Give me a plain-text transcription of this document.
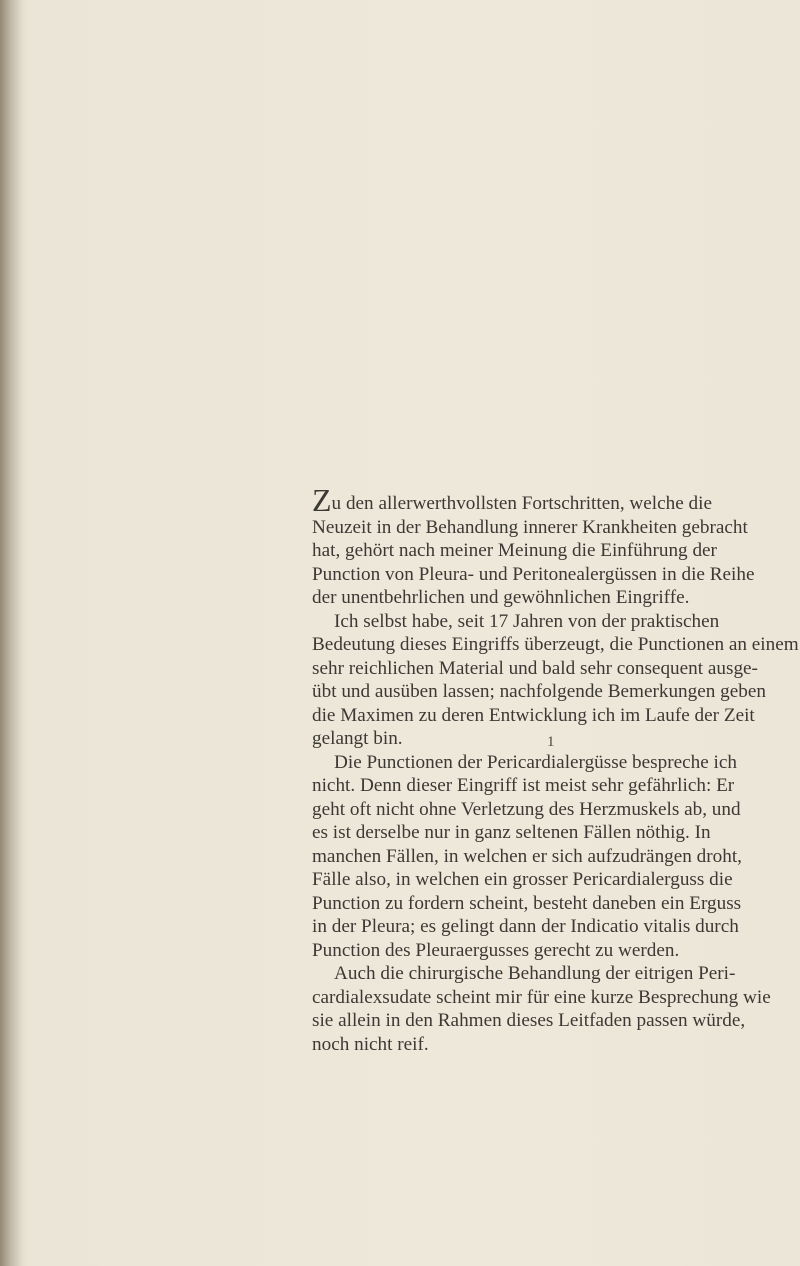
Zu den allerwerthvollsten Fortschritten, welche die
Neuzeit in der Behandlung innerer Krankheiten gebracht
hat, gehört nach meiner Meinung die Einführung der
Punction von Pleura- und Peritonealergüssen in die Reihe
der unentbehrlichen und gewöhnlichen Eingriffe.

Ich selbst habe, seit 17 Jahren von der praktischen
Bedeutung dieses Eingriffs überzeugt, die Punctionen an einem
sehr reichlichen Material und bald sehr consequent ausge-
übt und ausüben lassen; nachfolgende Bemerkungen geben
die Maximen zu deren Entwicklung ich im Laufe der Zeit
gelangt bin.

Die Punctionen der Pericardialergüsse bespreche ich
nicht. Denn dieser Eingriff ist meist sehr gefährlich: Er
geht oft nicht ohne Verletzung des Herzmuskels ab, und
es ist derselbe nur in ganz seltenen Fällen nöthig. In
manchen Fällen, in welchen er sich aufzudrängen droht,
Fälle also, in welchen ein grosser Pericardialerguss die
Punction zu fordern scheint, besteht daneben ein Erguss
in der Pleura; es gelingt dann der Indicatio vitalis durch
Punction des Pleuraergusses gerecht zu werden.

Auch die chirurgische Behandlung der eitrigen Peri-
cardialexsudate scheint mir für eine kurze Besprechung wie
sie allein in den Rahmen dieses Leitfaden passen würde,
noch nicht reif.

1
